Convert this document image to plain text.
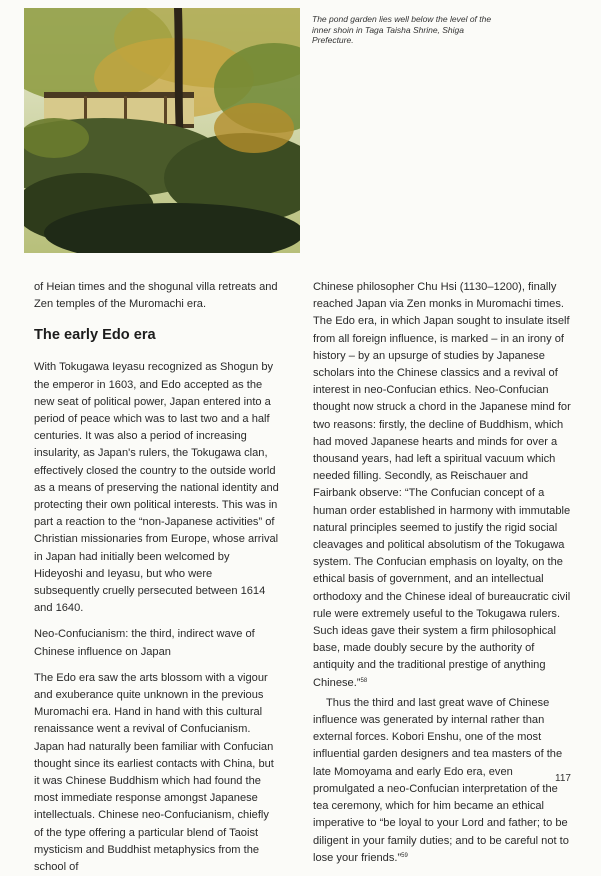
The pond garden lies well below the level of the inner shoin in Taga Taisha Shrine, Shiga Prefecture.

of Heian times and the shogunal villa retreats and Zen temples of the Muromachi era.

The early Edo era

With Tokugawa Ieyasu recognized as Shogun by the emperor in 1603, and Edo accepted as the new seat of political power, Japan entered into a period of peace which was to last two and a half centuries. It was also a period of increasing insularity, as Japan's rulers, the Tokugawa clan, effectively closed the country to the outside world as a means of preserving the national identity and protecting their own political interests. This was in part a reaction to the “non-Japanese activities” of Christian missionaries from Europe, whose arrival in Japan had initially been welcomed by Hideyoshi and Ieyasu, but who were subsequently cruelly persecuted between 1614 and 1640.

Neo-Confucianism: the third, indirect wave of Chinese influence on Japan

The Edo era saw the arts blossom with a vigour and exuberance quite unknown in the previous Muromachi era. Hand in hand with this cultural renaissance went a revival of Confucianism. Japan had naturally been familiar with Confucian thought since its earliest contacts with China, but it was Chinese Buddhism which had found the most immediate response amongst Japanese intellectuals. Chinese neo-Confucianism, chiefly of the type offering a particular blend of Taoist mysticism and Buddhist metaphysics from the school of

Chinese philosopher Chu Hsi (1130–1200), finally reached Japan via Zen monks in Muromachi times. The Edo era, in which Japan sought to insulate itself from all foreign influence, is marked – in an irony of history – by an upsurge of studies by Japanese scholars into the Chinese classics and a revival of interest in neo-Confucian ethics. Neo-Confucian thought now struck a chord in the Japanese mind for two reasons: firstly, the decline of Buddhism, which had moved Japanese hearts and minds for over a thousand years, had left a spiritual vacuum which needed filling. Secondly, as Reischauer and Fairbank observe: “The Confucian concept of a human order established in harmony with immutable natural principles seemed to justify the rigid social cleavages and political absolutism of the Tokugawa system. The Confucian emphasis on loyalty, on the ethical basis of government, and an intellectual orthodoxy and the Chinese ideal of bureaucratic civil rule were extremely useful to the Tokugawa rulers. Such ideas gave their system a firm philosophical base, made doubly secure by the authority of antiquity and the traditional prestige of anything Chinese.”$^{58}$

Thus the third and last great wave of Chinese influence was generated by internal rather than external forces. Kobori Enshu, one of the most influential garden designers and tea masters of the late Momoyama and early Edo era, even promulgated a neo-Confucian interpretation of the tea ceremony, which for him became an ethical imperative to “be loyal to your Lord and father; to be diligent in your family duties; and to be careful not to lose your friends.”$^{59}$

117
